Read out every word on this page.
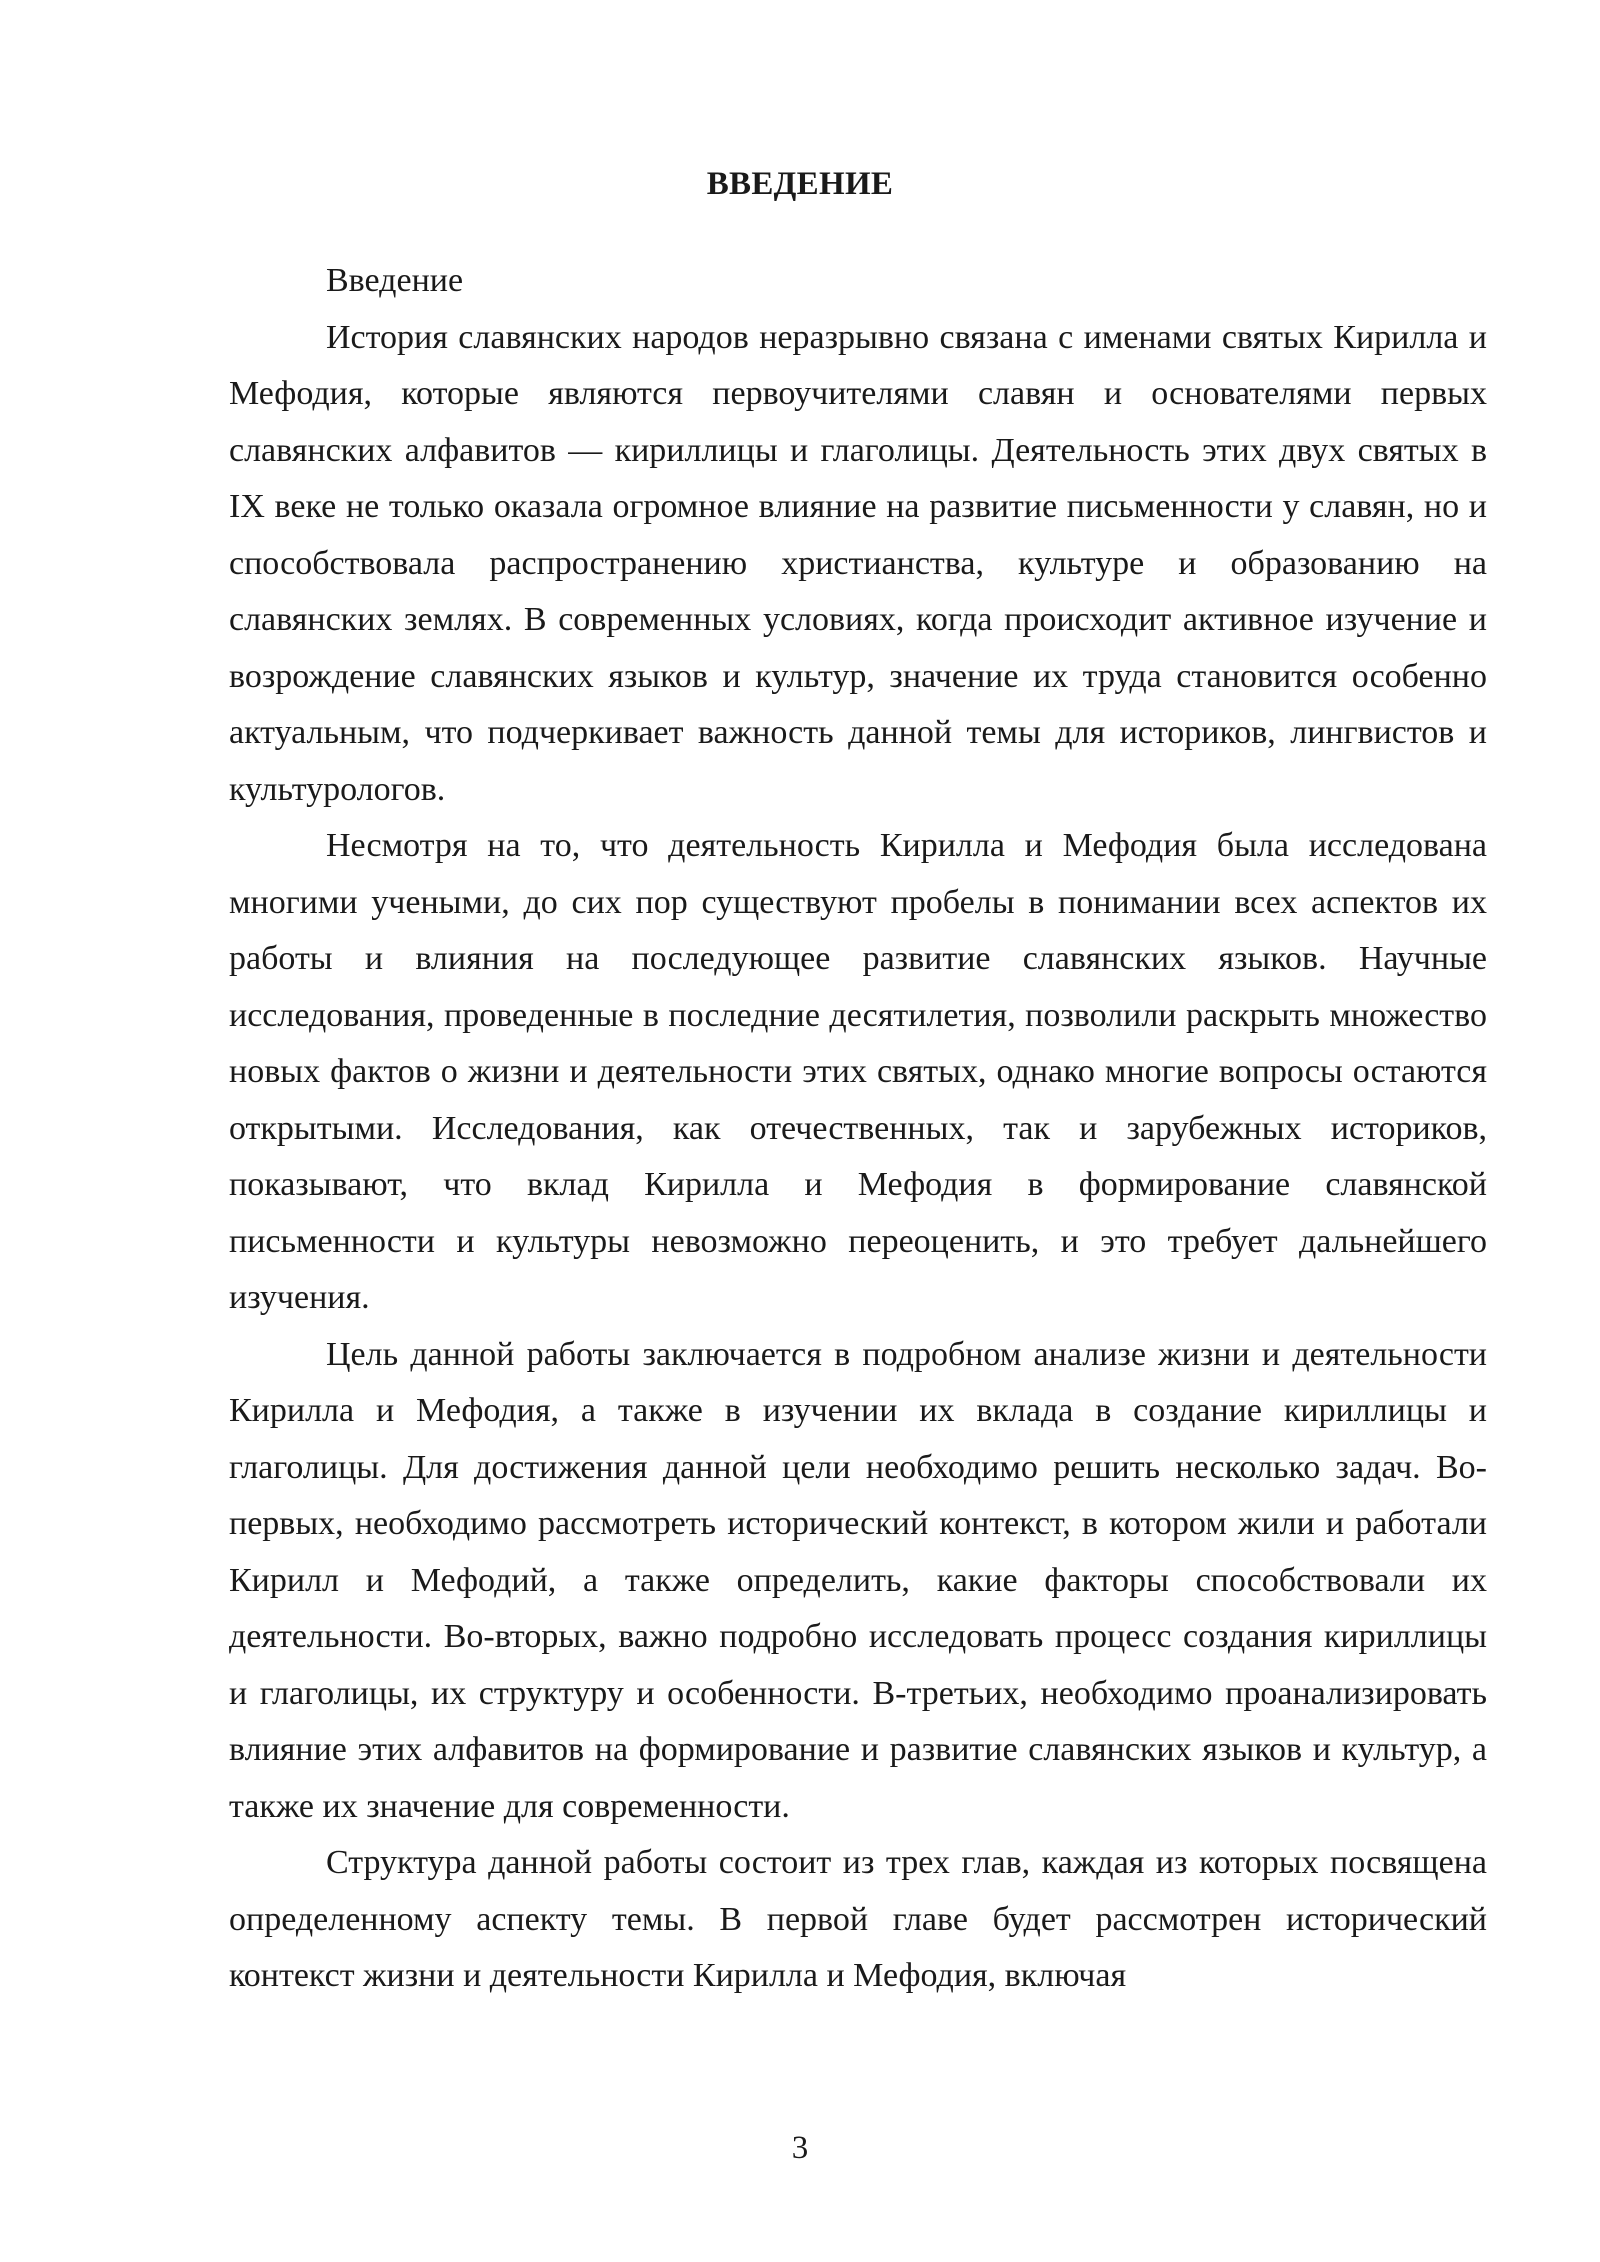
ВВЕДЕНИЕ

Введение

История славянских народов неразрывно связана с именами святых Кирилла и Мефодия, которые являются первоучителями славян и основателями первых славянских алфавитов — кириллицы и глаголицы. Деятельность этих двух святых в IX веке не только оказала огромное влияние на развитие письменности у славян, но и способствовала распространению христианства, культуре и образованию на славянских землях. В современных условиях, когда происходит активное изучение и возрождение славянских языков и культур, значение их труда становится особенно актуальным, что подчеркивает важность данной темы для историков, лингвистов и культурологов.

Несмотря на то, что деятельность Кирилла и Мефодия была исследована многими учеными, до сих пор существуют пробелы в понимании всех аспектов их работы и влияния на последующее развитие славянских языков. Научные исследования, проведенные в последние десятилетия, позволили раскрыть множество новых фактов о жизни и деятельности этих святых, однако многие вопросы остаются открытыми. Исследования, как отечественных, так и зарубежных историков, показывают, что вклад Кирилла и Мефодия в формирование славянской письменности и культуры невозможно переоценить, и это требует дальнейшего изучения.

Цель данной работы заключается в подробном анализе жизни и деятельности Кирилла и Мефодия, а также в изучении их вклада в создание кириллицы и глаголицы. Для достижения данной цели необходимо решить несколько задач. Во-первых, необходимо рассмотреть исторический контекст, в котором жили и работали Кирилл и Мефодий, а также определить, какие факторы способствовали их деятельности. Во-вторых, важно подробно исследовать процесс создания кириллицы и глаголицы, их структуру и особенности. В-третьих, необходимо проанализировать влияние этих алфавитов на формирование и развитие славянских языков и культур, а также их значение для современности.

Структура данной работы состоит из трех глав, каждая из которых посвящена определенному аспекту темы. В первой главе будет рассмотрен исторический контекст жизни и деятельности Кирилла и Мефодия, включая

3
